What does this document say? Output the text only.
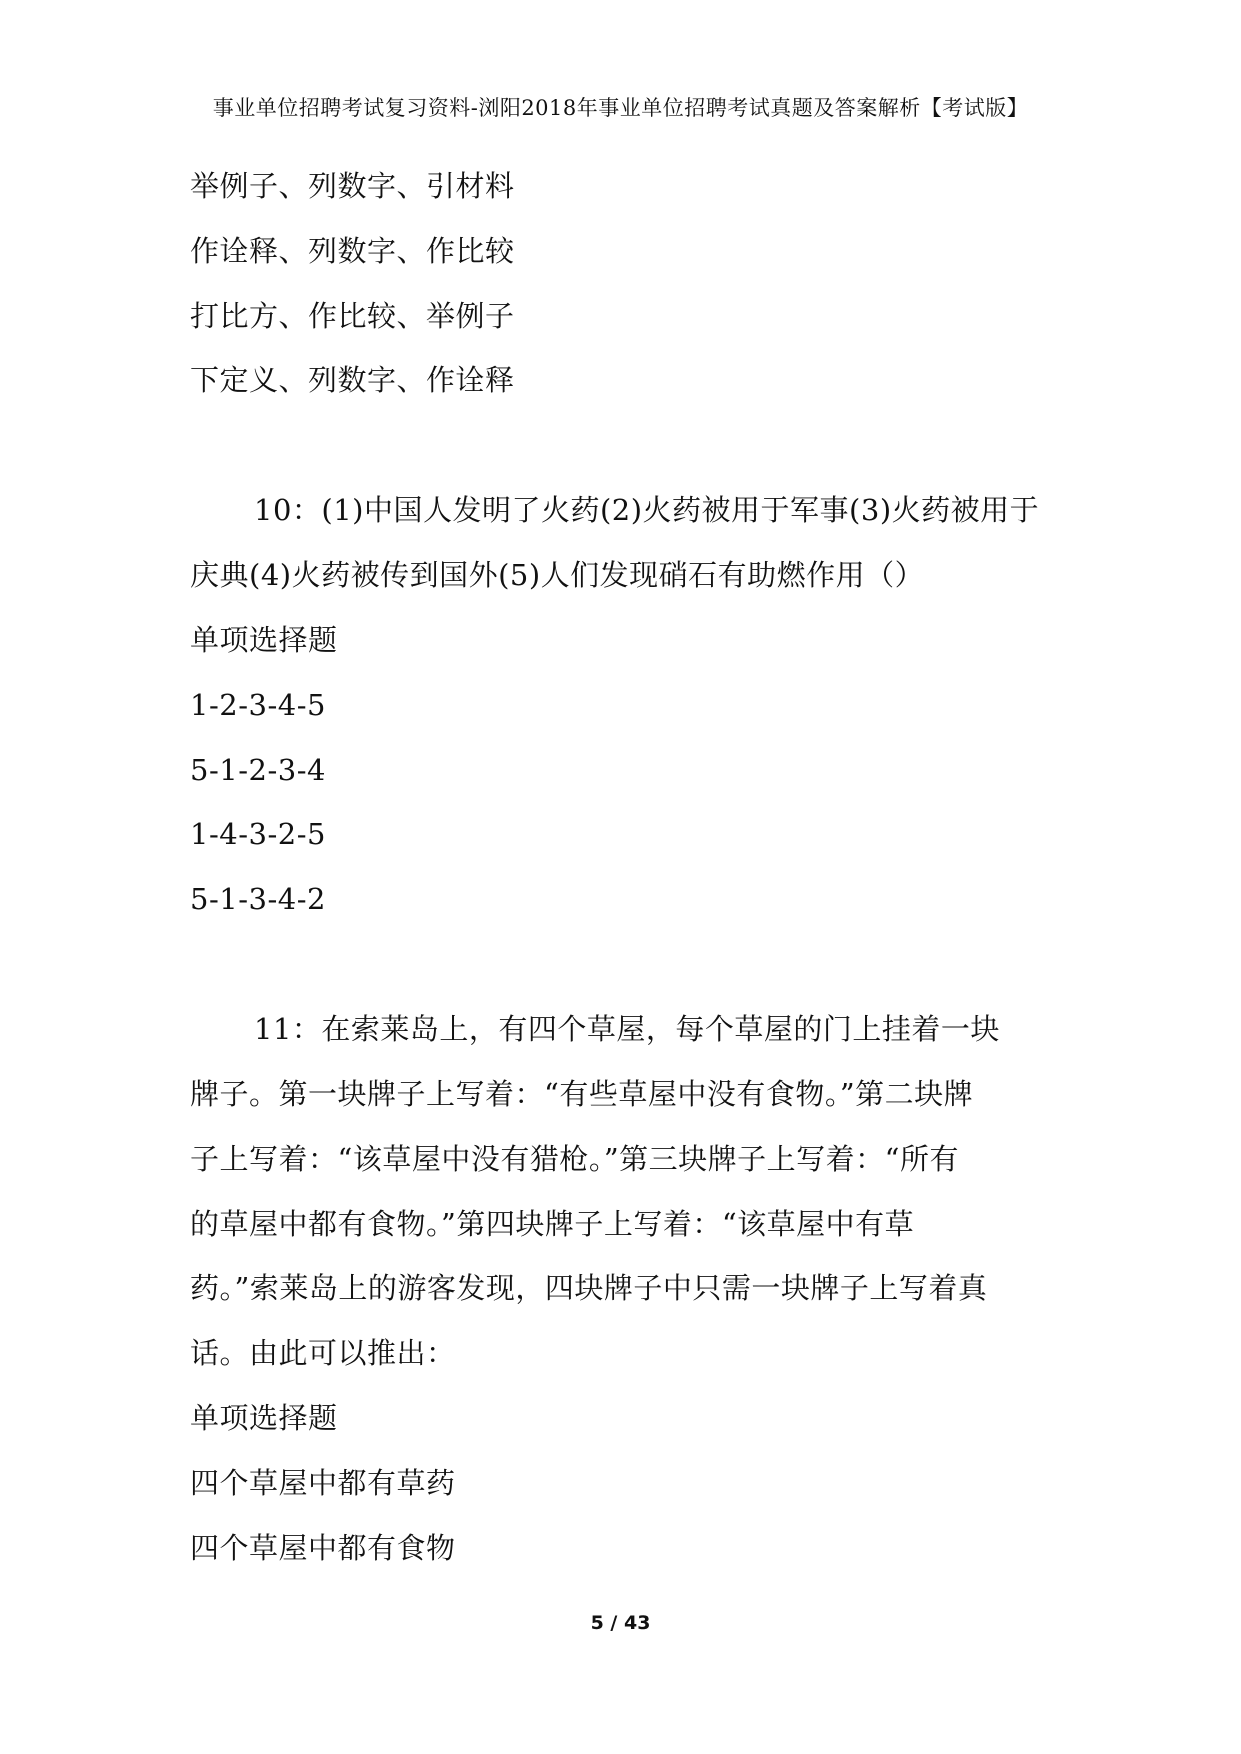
事业单位招聘考试复习资料-浏阳2018年事业单位招聘考试真题及答案解析【考试版】
举例子、列数字、引材料
作诠释、列数字、作比较
打比方、作比较、举例子
下定义、列数字、作诠释
10：(1)中国人发明了火药(2)火药被用于军事(3)火药被用于
庆典(4)火药被传到国外(5)人们发现硝石有助燃作用（）
单项选择题
1-2-3-4-5
5-1-2-3-4
1-4-3-2-5
5-1-3-4-2
11：在索莱岛上，有四个草屋，每个草屋的门上挂着一块
牌子。第一块牌子上写着：“有些草屋中没有食物。”第二块牌
子上写着：“该草屋中没有猎枪。”第三块牌子上写着：“所有
的草屋中都有食物。”第四块牌子上写着：“该草屋中有草
药。”索莱岛上的游客发现，四块牌子中只需一块牌子上写着真
话。由此可以推出：
单项选择题
四个草屋中都有草药
四个草屋中都有食物
5 / 43
